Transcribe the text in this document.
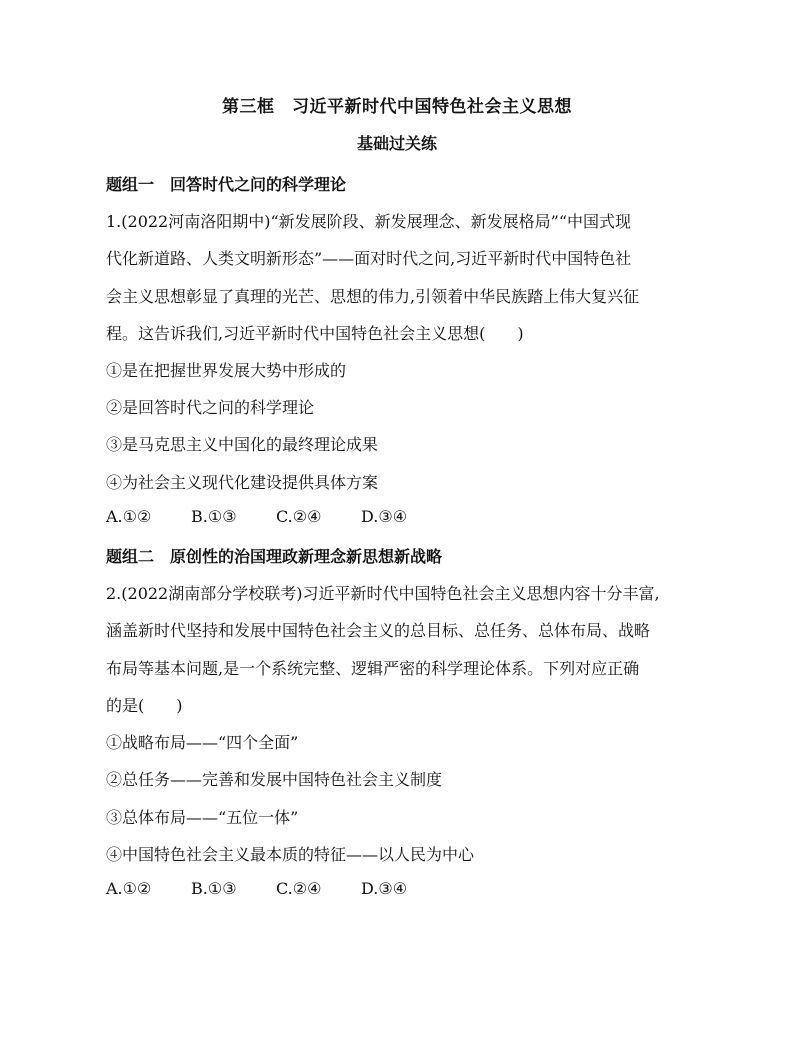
第三框　习近平新时代中国特色社会主义思想
基础过关练
题组一　回答时代之问的科学理论
1.(2022河南洛阳期中)“新发展阶段、新发展理念、新发展格局”“中国式现
代化新道路、人类文明新形态”——面对时代之问,习近平新时代中国特色社
会主义思想彰显了真理的光芒、思想的伟力,引领着中华民族踏上伟大复兴征
程。这告诉我们,习近平新时代中国特色社会主义思想(　　)
①是在把握世界发展大势中形成的
②是回答时代之问的科学理论
③是马克思主义中国化的最终理论成果
④为社会主义现代化建设提供具体方案
A.①② B.①③ C.②④ D.③④
题组二　原创性的治国理政新理念新思想新战略
2.(2022湖南部分学校联考)习近平新时代中国特色社会主义思想内容十分丰富,
涵盖新时代坚持和发展中国特色社会主义的总目标、总任务、总体布局、战略
布局等基本问题,是一个系统完整、逻辑严密的科学理论体系。下列对应正确
的是(　　)
①战略布局——“四个全面”
②总任务——完善和发展中国特色社会主义制度
③总体布局——“五位一体”
④中国特色社会主义最本质的特征——以人民为中心
A.①② B.①③ C.②④ D.③④
